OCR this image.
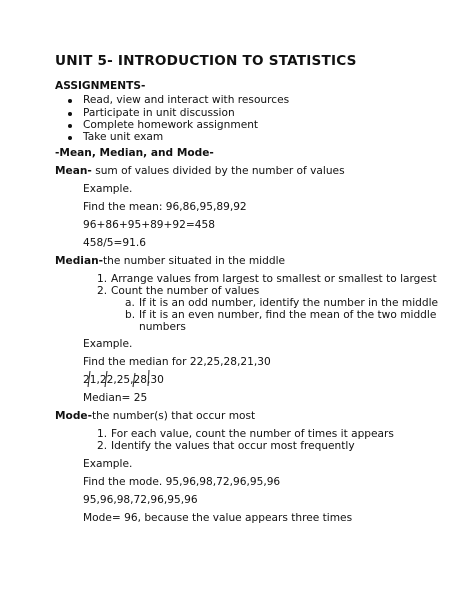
UNIT 5- INTRODUCTION TO STATISTICS
ASSIGNMENTS-
Read, view and interact with resources
Participate in unit discussion
Complete homework assignment
Take unit exam
-Mean, Median, and Mode-
Mean- sum of values divided by the number of values
Example.
Find the mean: 96,86,95,89,92
96+86+95+89+92=458
458/5=91.6
Median-the number situated in the middle
1. Arrange values from largest to smallest or smallest to largest
2. Count the number of values
a. If it is an odd number, identify the number in the middle
b. If it is an even number, find the mean of the two middle
numbers
Example.
Find the median for 22,25,28,21,30
21,22,25,28,30
Median= 25
Mode-the number(s) that occur most
1. For each value, count the number of times it appears
2. Identify the values that occur most frequently
Example.
Find the mode. 95,96,98,72,96,95,96
95,96,98,72,96,95,96
Mode= 96, because the value appears three times
